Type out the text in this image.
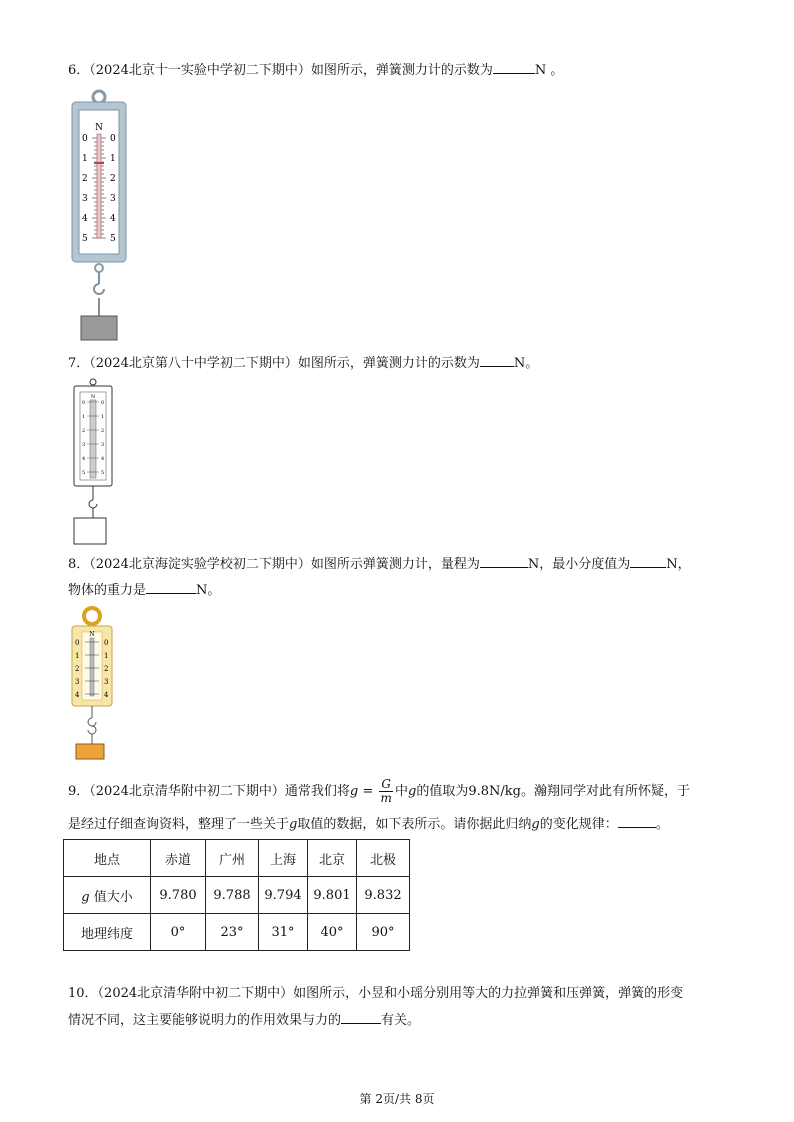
6．（2024北京十一实验中学初二下期中）如图所示，弹簧测力计的示数为	N 。
N
0
1
2
3
4
5
0
1
2
3
4
5
7．（2024北京第八十中学初二下期中）如图所示，弹簧测力计的示数为	N。
N
0
1
2
3
4
5
0
1
2
3
4
5
8．（2024北京海淀实验学校初二下期中）如图所示弹簧测力计，量程为	N，最小分度值为	N，
物体的重力是	N。
N
0
1
2
3
4
0
1
2
3
4
9．（2024北京清华附中初二下期中）通常我们将$g = \frac{G}{m}$ 中g的值取为9.8N/kg。瀚翔同学对此有所怀疑，于
是经过仔细查询资料，整理了一些关于g取值的数据，如下表所示。请你据此归纳g的变化规律：	。
地点	赤道	广州	上海	北京	北极
g 值大小	9.780	9.788	9.794	9.801	9.832
地理纬度	0°	23°	31°	40°	90°
10．（2024北京清华附中初二下期中）如图所示，小昱和小瑶分别用等大的力拉弹簧和压弹簧，弹簧的形变
情况不同，这主要能够说明力的作用效果与力的	有关。
第 2页/共 8页
